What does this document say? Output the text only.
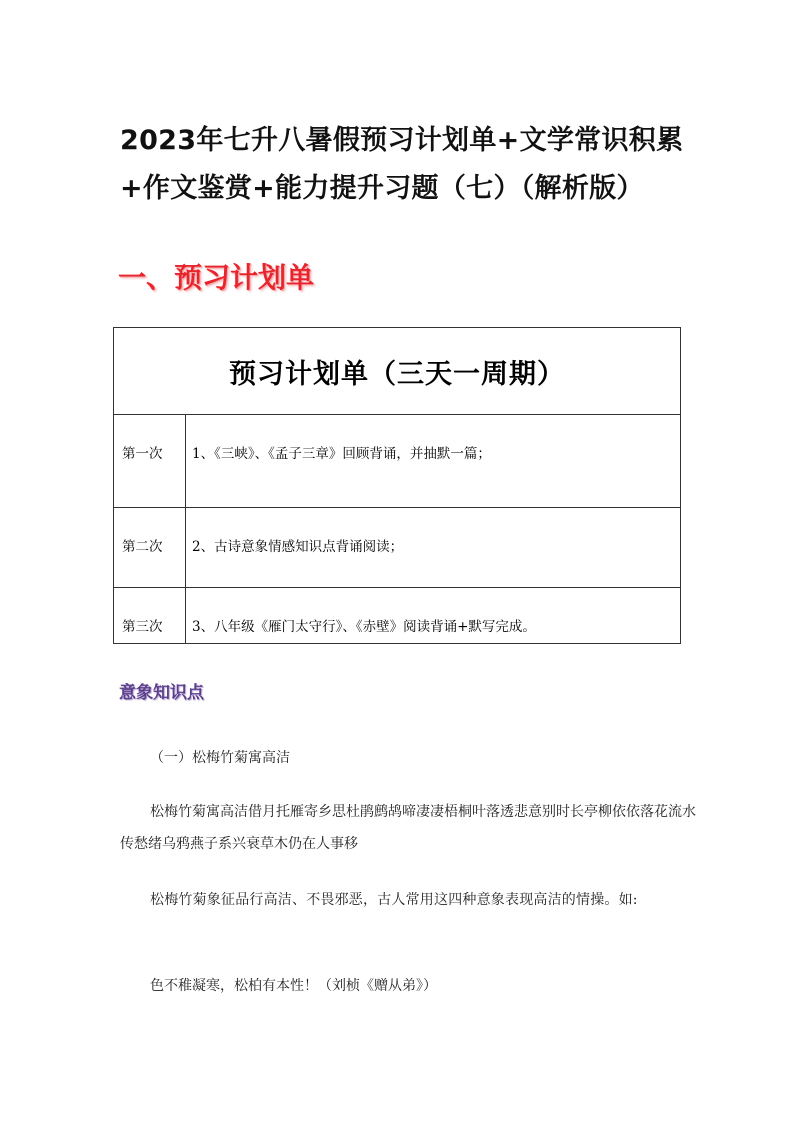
2023年七升八暑假预习计划单+文学常识积累+作文鉴赏+能力提升习题（七）（解析版）
一、预习计划单
预习计划单（三天一周期）	
第一次	1、《三峡》、《孟子三章》回顾背诵，并抽默一篇；
第二次	2、古诗意象情感知识点背诵阅读；
第三次	3、八年级《雁门太守行》、《赤壁》阅读背诵+默写完成。
意象知识点

（一）松梅竹菊寓高洁

松梅竹菊寓高洁借月托雁寄乡思杜鹃鹧鸪啼凄凄梧桐叶落透悲意别时长亭柳依依落花流水传愁绪乌鸦燕子系兴衰草木仍在人事移

松梅竹菊象征品行高洁、不畏邪恶，古人常用这四种意象表现高洁的情操。如:

色不稚凝寒，松柏有本性！（刘桢《赠从弟》）
